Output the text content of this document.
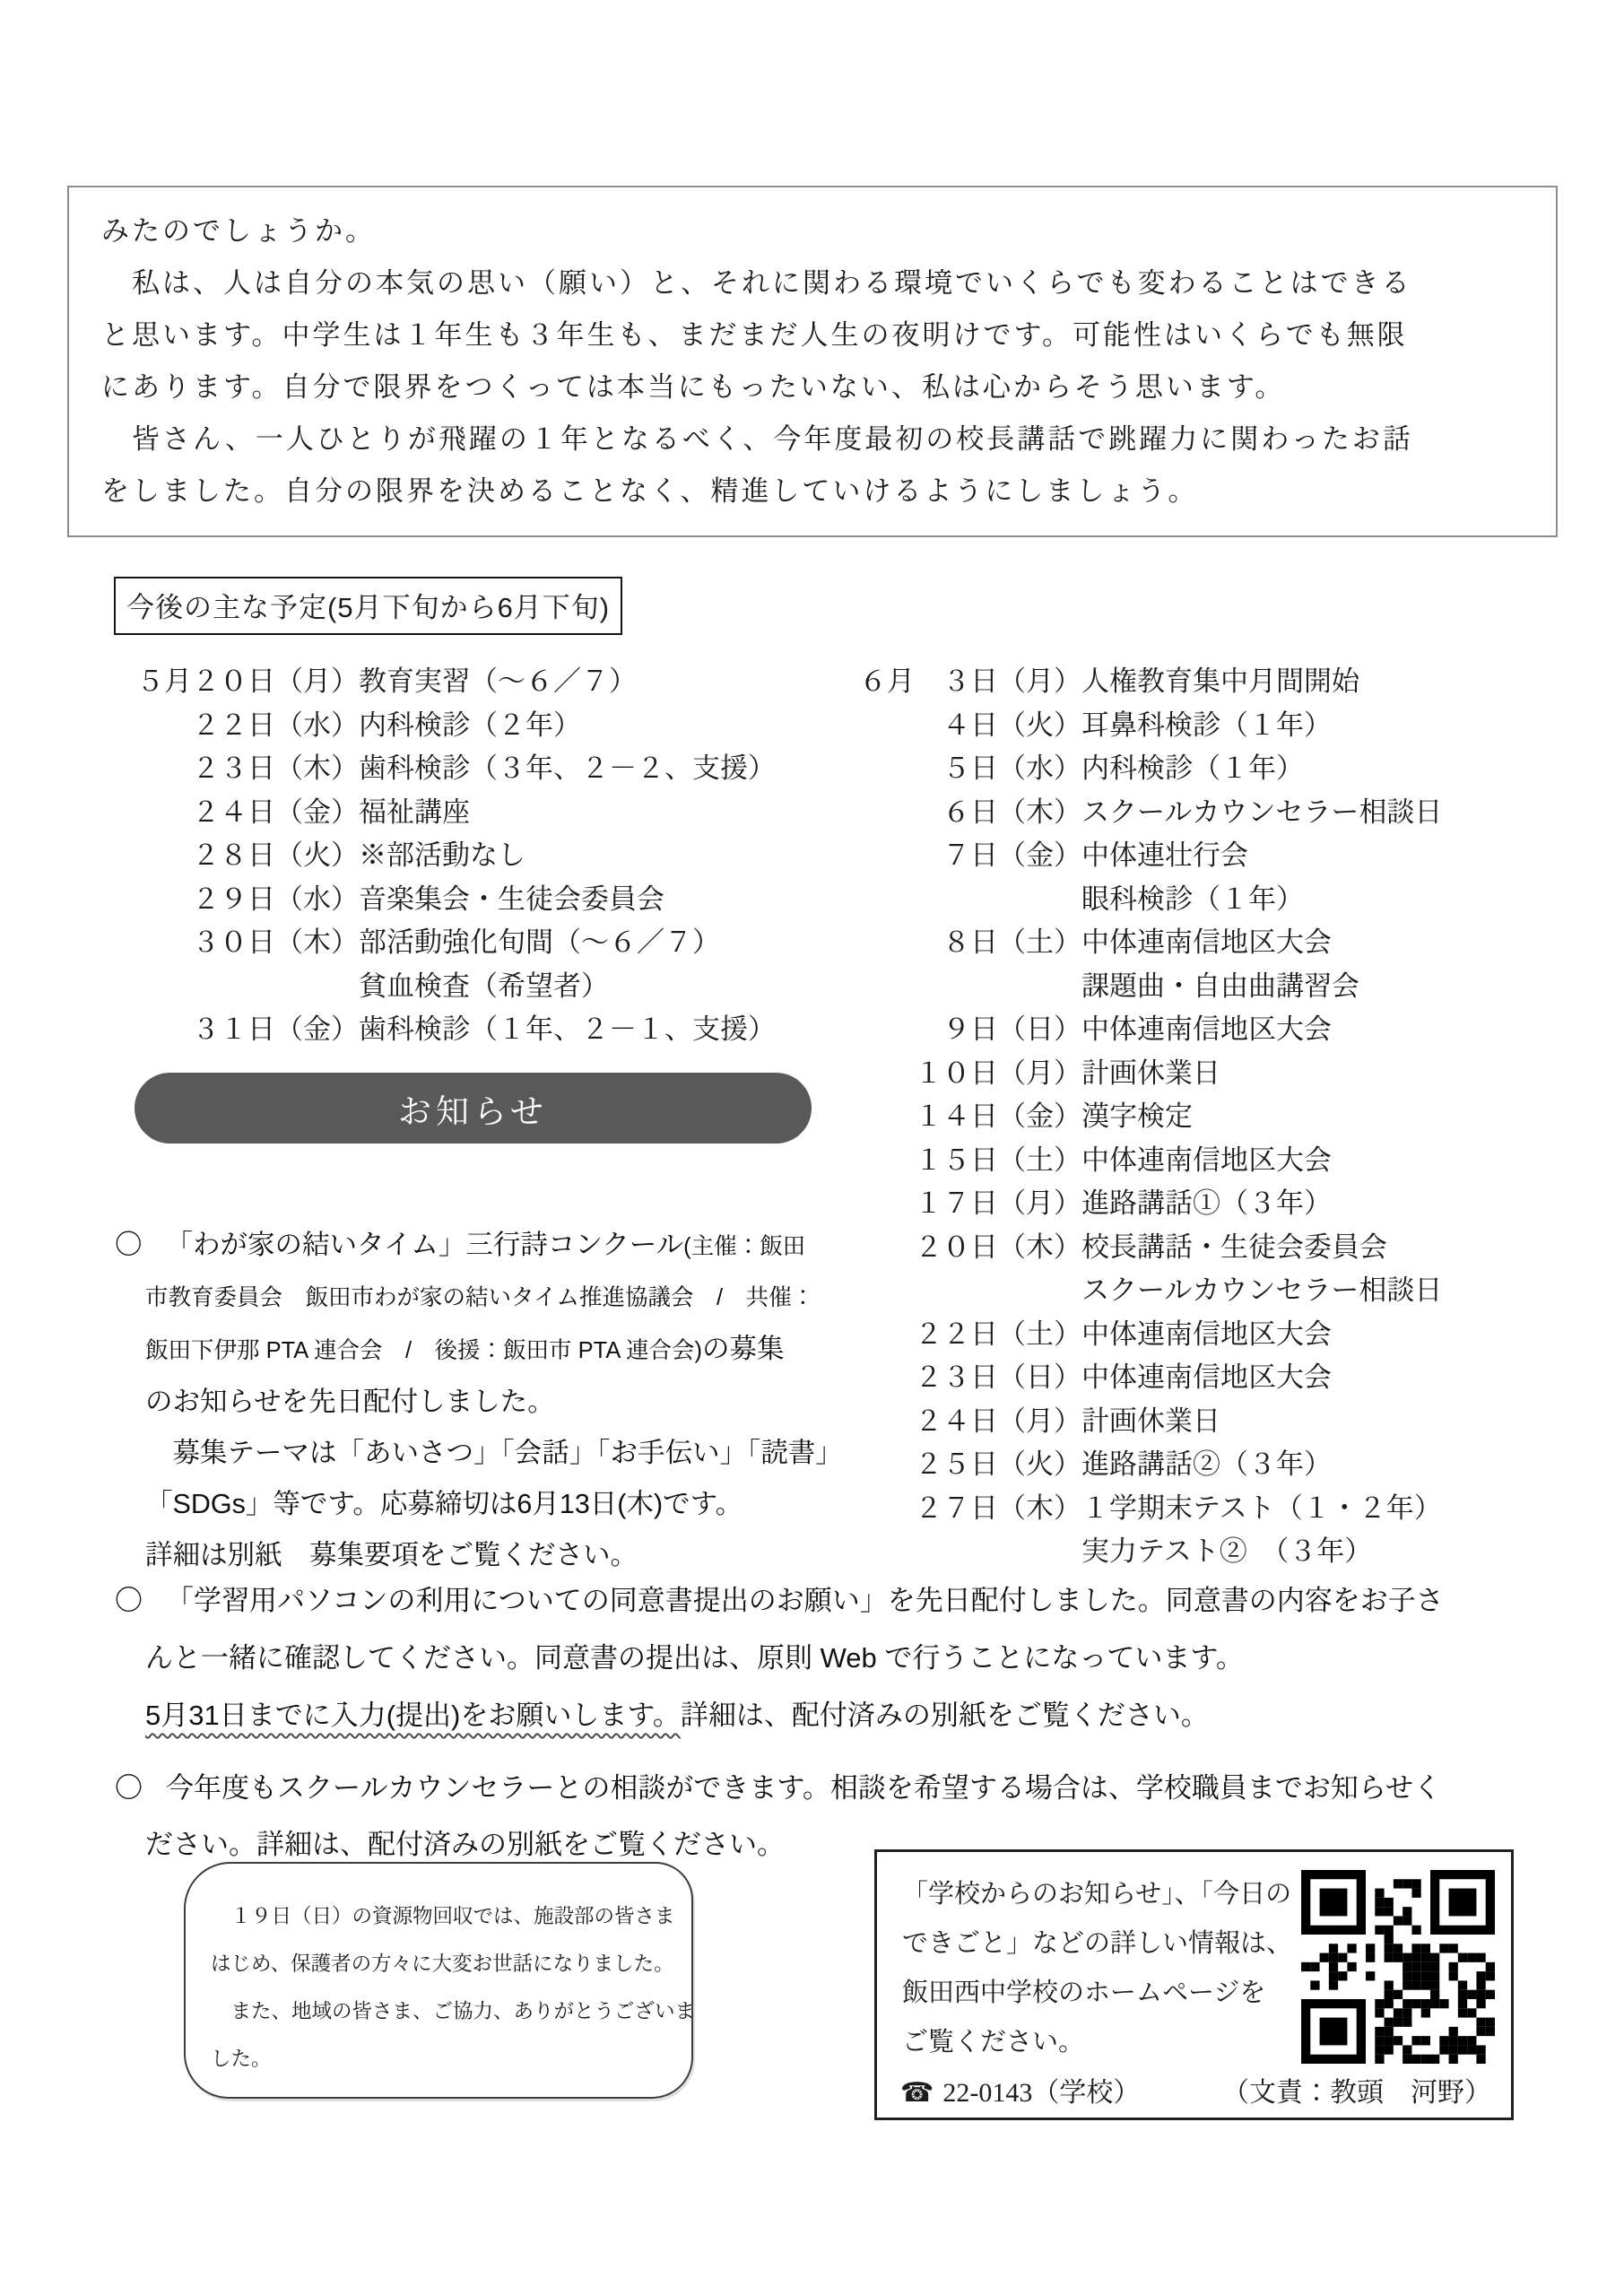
みたのでしょうか。
　私は、人は自分の本気の思い（願い）と、それに関わる環境でいくらでも変わることはできる
と思います。中学生は１年生も３年生も、まだまだ人生の夜明けです。可能性はいくらでも無限
にあります。自分で限界をつくっては本当にもったいない、私は心からそう思います。
　皆さん、一人ひとりが飛躍の１年となるべく、今年度最初の校長講話で跳躍力に関わったお話
をしました。自分の限界を決めることなく、精進していけるようにしましょう。
今後の主な予定(5月下旬から6月下旬)
５月２０日（月）教育実習（～６／７）
　　２２日（水）内科検診（２年）
　　２３日（木）歯科検診（３年、２－２、支援）
　　２４日（金）福祉講座
　　２８日（火）※部活動なし
　　２９日（水）音楽集会・生徒会委員会
　　３０日（木）部活動強化旬間（～６／７）
　　　　　　　　貧血検査（希望者）
　　３１日（金）歯科検診（１年、２－１、支援）
６月　３日（月）人権教育集中月間開始
　　　４日（火）耳鼻科検診（１年）
　　　５日（水）内科検診（１年）
　　　６日（木）スクールカウンセラー相談日
　　　７日（金）中体連壮行会
　　　　　　　　眼科検診（１年）
　　　８日（土）中体連南信地区大会
　　　　　　　　課題曲・自由曲講習会
　　　９日（日）中体連南信地区大会
　　１０日（月）計画休業日
　　１４日（金）漢字検定
　　１５日（土）中体連南信地区大会
　　１７日（月）進路講話①（３年）
　　２０日（木）校長講話・生徒会委員会
　　　　　　　　スクールカウンセラー相談日
　　２２日（土）中体連南信地区大会
　　２３日（日）中体連南信地区大会
　　２４日（月）計画休業日
　　２５日（火）進路講話②（３年）
　　２７日（木）１学期末テスト（１・２年）
　　　　　　　　実力テスト②　（３年）
お知らせ
〇 「わが家の結いタイム」三行詩コンクール(主催：飯田
市教育委員会　飯田市わが家の結いタイム推進協議会　/　共催：
飯田下伊那 PTA 連合会　/　後援：飯田市 PTA 連合会)の募集
のお知らせを先日配付しました。
　募集テーマは「あいさつ」「会話」「お手伝い」「読書」
「SDGs」等です。応募締切は6月13日(木)です。
詳細は別紙　募集要項をご覧ください。
〇 「学習用パソコンの利用についての同意書提出のお願い」を先日配付しました。同意書の内容をお子さ
んと一緒に確認してください。同意書の提出は、原則 Web で行うことになっています。
5月31日までに入力(提出)をお願いします。詳細は、配付済みの別紙をご覧ください。
〇 今年度もスクールカウンセラーとの相談ができます。相談を希望する場合は、学校職員までお知らせく
ださい。詳細は、配付済みの別紙をご覧ください。
　１９日（日）の資源物回収では、施設部の皆さま
はじめ、保護者の方々に大変お世話になりました。
　また、地域の皆さま、ご協力、ありがとうございま
した。
「学校からのお知らせ」、「今日の
できごと」などの詳しい情報は、
飯田西中学校のホームページを
ご覧ください。
☎ 22-0143（学校）	（文責：教頭　河野）
